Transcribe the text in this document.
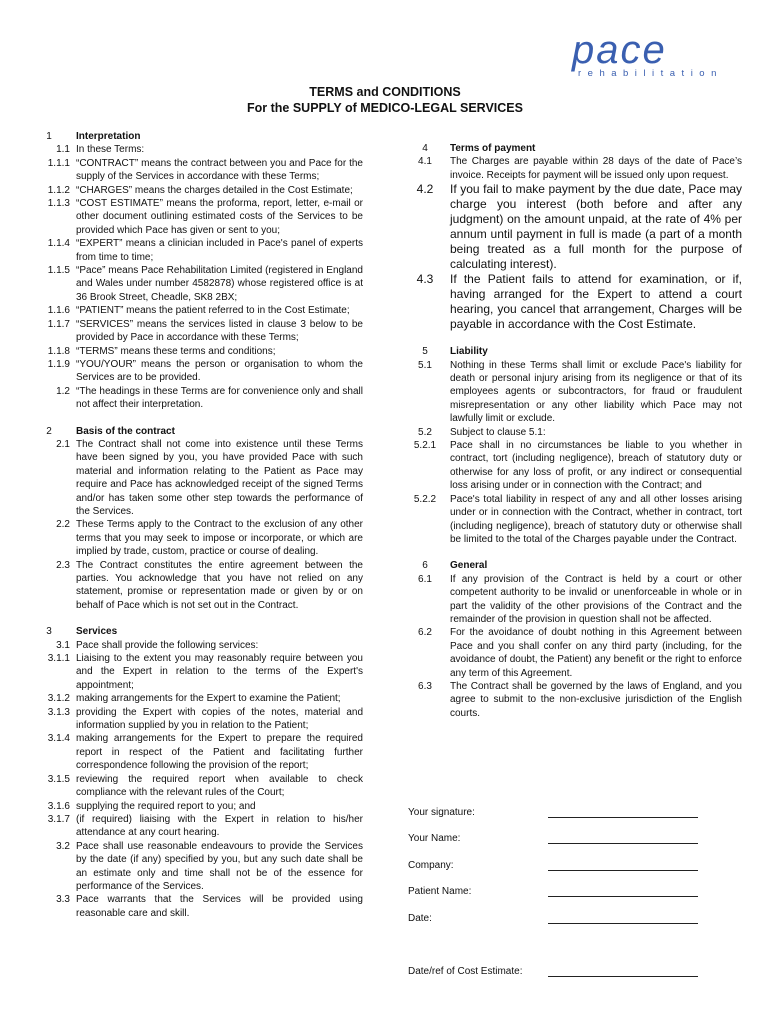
pace
rehabilitation
TERMS and CONDITIONS
For the SUPPLY of MEDICO-LEGAL SERVICES
1	Interpretation
1.1 In these Terms:
1.1.1 “CONTRACT” means the contract between you and Pace for the supply of the Services in accordance with these Terms;
1.1.2 “CHARGES” means the charges detailed in the Cost Estimate;
1.1.3 “COST ESTIMATE” means the proforma, report, letter, e-mail or other document outlining estimated costs of the Services to be provided which Pace has given or sent to you;
1.1.4 “EXPERT” means a clinician included in Pace's panel of experts from time to time;
1.1.5 “Pace” means Pace Rehabilitation Limited (registered in England and Wales under number 4582878) whose registered office is at 36 Brook Street, Cheadle, SK8 2BX;
1.1.6 “PATIENT” means the patient referred to in the Cost Estimate;
1.1.7 “SERVICES” means the services listed in clause 3 below to be provided by Pace in accordance with these Terms;
1.1.8 “TERMS” means these terms and conditions;
1.1.9 “YOU/YOUR” means the person or organisation to whom the Services are to be provided.
1.2 “The headings in these Terms are for convenience only and shall not affect their interpretation.
2	Basis of the contract
2.1 The Contract shall not come into existence until these Terms have been signed by you, you have provided Pace with such material and information relating to the Patient as Pace may require and Pace has acknowledged receipt of the signed Terms and/or has taken some other step towards the performance of the Services.
2.2 These Terms apply to the Contract to the exclusion of any other terms that you may seek to impose or incorporate, or which are implied by trade, custom, practice or course of dealing.
2.3 The Contract constitutes the entire agreement between the parties. You acknowledge that you have not relied on any statement, promise or representation made or given by or on behalf of Pace which is not set out in the Contract.
3	Services
3.1 Pace shall provide the following services:
3.1.1 Liaising to the extent you may reasonably require between you and the Expert in relation to the terms of the Expert's appointment;
3.1.2 making arrangements for the Expert to examine the Patient;
3.1.3 providing the Expert with copies of the notes, material and information supplied by you in relation to the Patient;
3.1.4 making arrangements for the Expert to prepare the required report in respect of the Patient and facilitating further correspondence following the provision of the report;
3.1.5 reviewing the required report when available to check compliance with the relevant rules of the Court;
3.1.6 supplying the required report to you; and
3.1.7 (if required) liaising with the Expert in relation to his/her attendance at any court hearing.
3.2 Pace shall use reasonable endeavours to provide the Services by the date (if any) specified by you, but any such date shall be an estimate only and time shall not be of the essence for performance of the Services.
3.3 Pace warrants that the Services will be provided using reasonable care and skill.
4	Terms of payment
4.1	The Charges are payable within 28 days of the date of Pace’s invoice. Receipts for payment will be issued only upon request.
4.2	If you fail to make payment by the due date, Pace may charge you interest (both before and after any judgment) on the amount unpaid, at the rate of 4% per annum until payment in full is made (a part of a month being treated as a full month for the purpose of calculating interest).
4.3	If the Patient fails to attend for examination, or if, having arranged for the Expert to attend a court hearing, you cancel that arrangement, Charges will be payable in accordance with the Cost Estimate.
5	Liability
5.1	Nothing in these Terms shall limit or exclude Pace's liability for death or personal injury arising from its negligence or that of its employees agents or subcontractors, for fraud or fraudulent misrepresentation or any other liability which Pace may not lawfully limit or exclude.
5.2	Subject to clause 5.1:
5.2.1	Pace shall in no circumstances be liable to you whether in contract, tort (including negligence), breach of statutory duty or otherwise for any loss of profit, or any indirect or consequential loss arising under or in connection with the Contract; and
5.2.2	Pace's total liability in respect of any and all other losses arising under or in connection with the Contract, whether in contract, tort (including negligence), breach of statutory duty or otherwise shall be limited to the total of the Charges payable under the Contract.
6	General
6.1	If any provision of the Contract is held by a court or other competent authority to be invalid or unenforceable in whole or in part the validity of the other provisions of the Contract and the remainder of the provision in question shall not be affected.
6.2	For the avoidance of doubt nothing in this Agreement between Pace and you shall confer on any third party (including, for the avoidance of doubt, the Patient) any benefit or the right to enforce any term of this Agreement.
6.3	The Contract shall be governed by the laws of England, and you agree to submit to the non-exclusive jurisdiction of the English courts.
Your signature:
Your Name:
Company:
Patient Name:
Date:
Date/ref of Cost Estimate:
